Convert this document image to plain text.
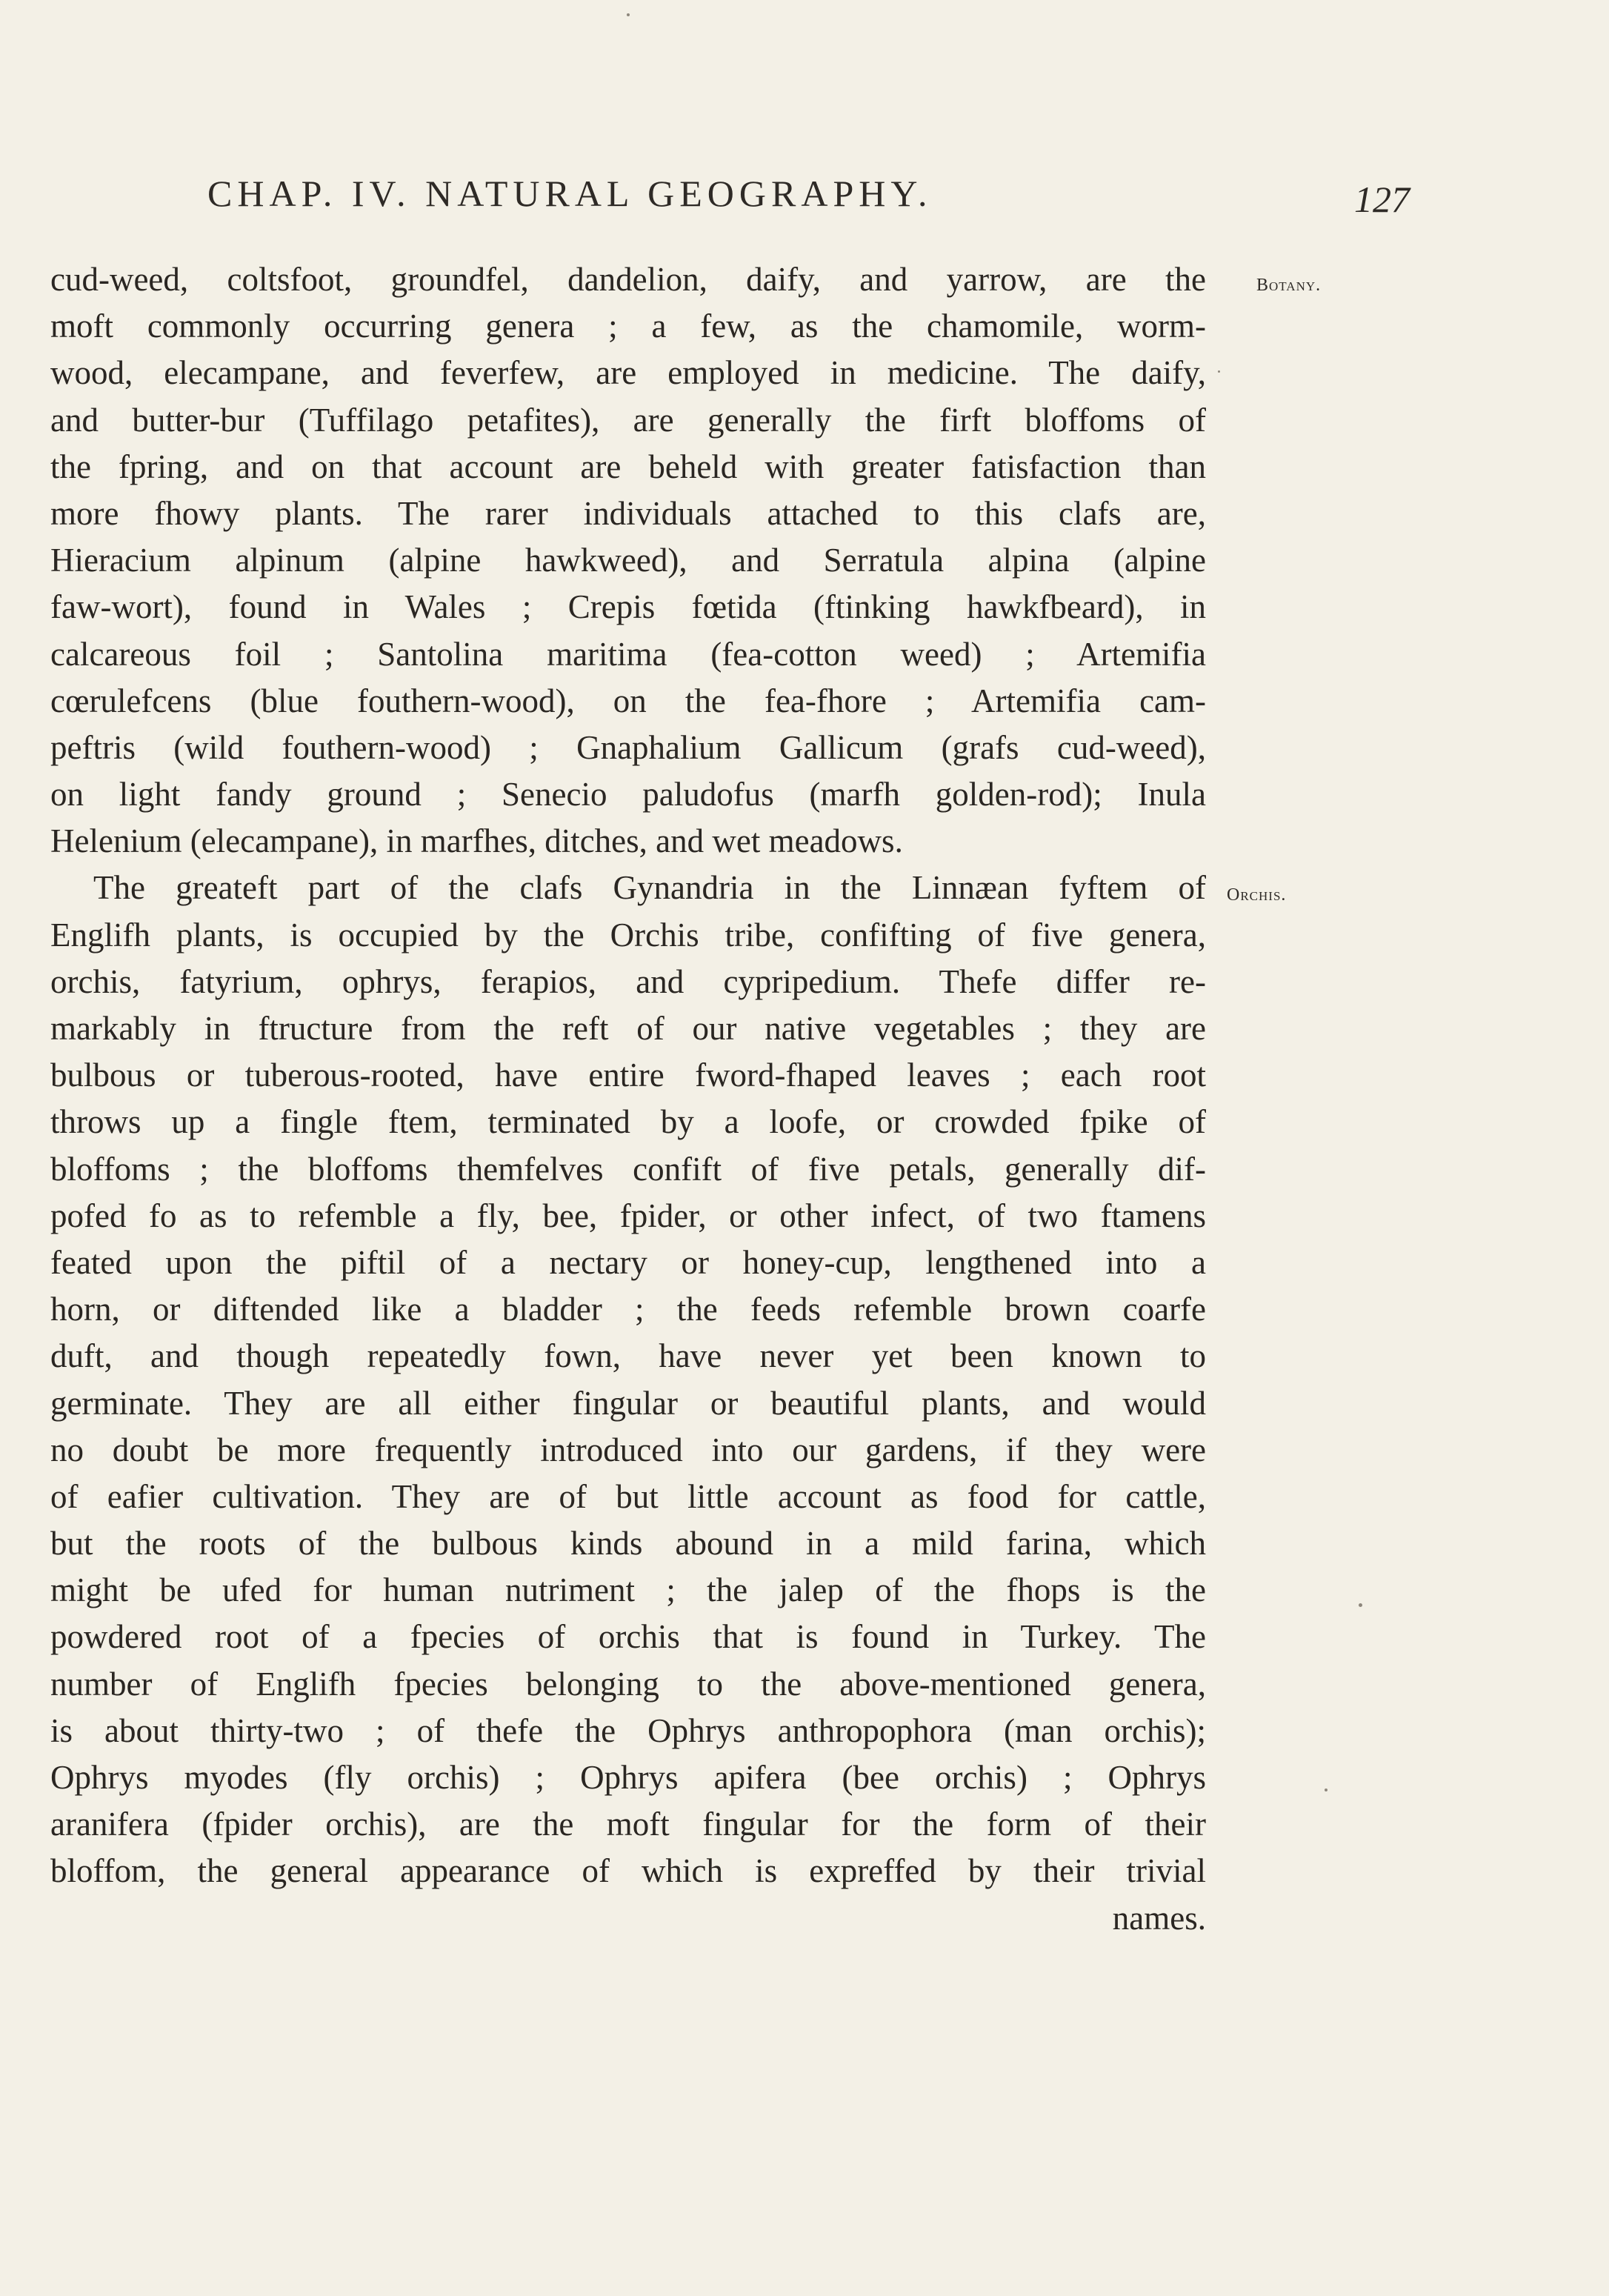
CHAP. IV. NATURAL GEOGRAPHY.	127
Botany.
Orchis.
cud-weed, coltsfoot, groundfel, dandelion, daify, and yarrow, are the
moft commonly occurring genera ; a few, as the chamomile, worm-
wood, elecampane, and feverfew, are employed in medicine. The daify,
and butter-bur (Tuffilago petafites), are generally the firft bloffoms of
the fpring, and on that account are beheld with greater fatisfaction than
more fhowy plants. The rarer individuals attached to this clafs are,
Hieracium alpinum (alpine hawkweed), and Serratula alpina (alpine
faw-wort), found in Wales ; Crepis fœtida (ftinking hawkfbeard), in
calcareous foil ; Santolina maritima (fea-cotton weed) ; Artemifia
cœrulefcens (blue fouthern-wood), on the fea-fhore ; Artemifia cam-
peftris (wild fouthern-wood) ; Gnaphalium Gallicum (grafs cud-weed),
on light fandy ground ; Senecio paludofus (marfh golden-rod); Inula
Helenium (elecampane), in marfhes, ditches, and wet meadows.
The greateft part of the clafs Gynandria in the Linnæan fyftem of
Englifh plants, is occupied by the Orchis tribe, confifting of five genera,
orchis, fatyrium, ophrys, ferapios, and cypripedium. Thefe differ re-
markably in ftructure from the reft of our native vegetables ; they are
bulbous or tuberous-rooted, have entire fword-fhaped leaves ; each root
throws up a fingle ftem, terminated by a loofe, or crowded fpike of
bloffoms ; the bloffoms themfelves confift of five petals, generally dif-
pofed fo as to refemble a fly, bee, fpider, or other infect, of two ftamens
feated upon the piftil of a nectary or honey-cup, lengthened into a
horn, or diftended like a bladder ; the feeds refemble brown coarfe
duft, and though repeatedly fown, have never yet been known to
germinate. They are all either fingular or beautiful plants, and would
no doubt be more frequently introduced into our gardens, if they were
of eafier cultivation. They are of but little account as food for cattle,
but the roots of the bulbous kinds abound in a mild farina, which
might be ufed for human nutriment ; the jalep of the fhops is the
powdered root of a fpecies of orchis that is found in Turkey. The
number of Englifh fpecies belonging to the above-mentioned genera,
is about thirty-two ; of thefe the Ophrys anthropophora (man orchis);
Ophrys myodes (fly orchis) ; Ophrys apifera (bee orchis) ; Ophrys
aranifera (fpider orchis), are the moft fingular for the form of their
bloffom, the general appearance of which is expreffed by their trivial
names.
